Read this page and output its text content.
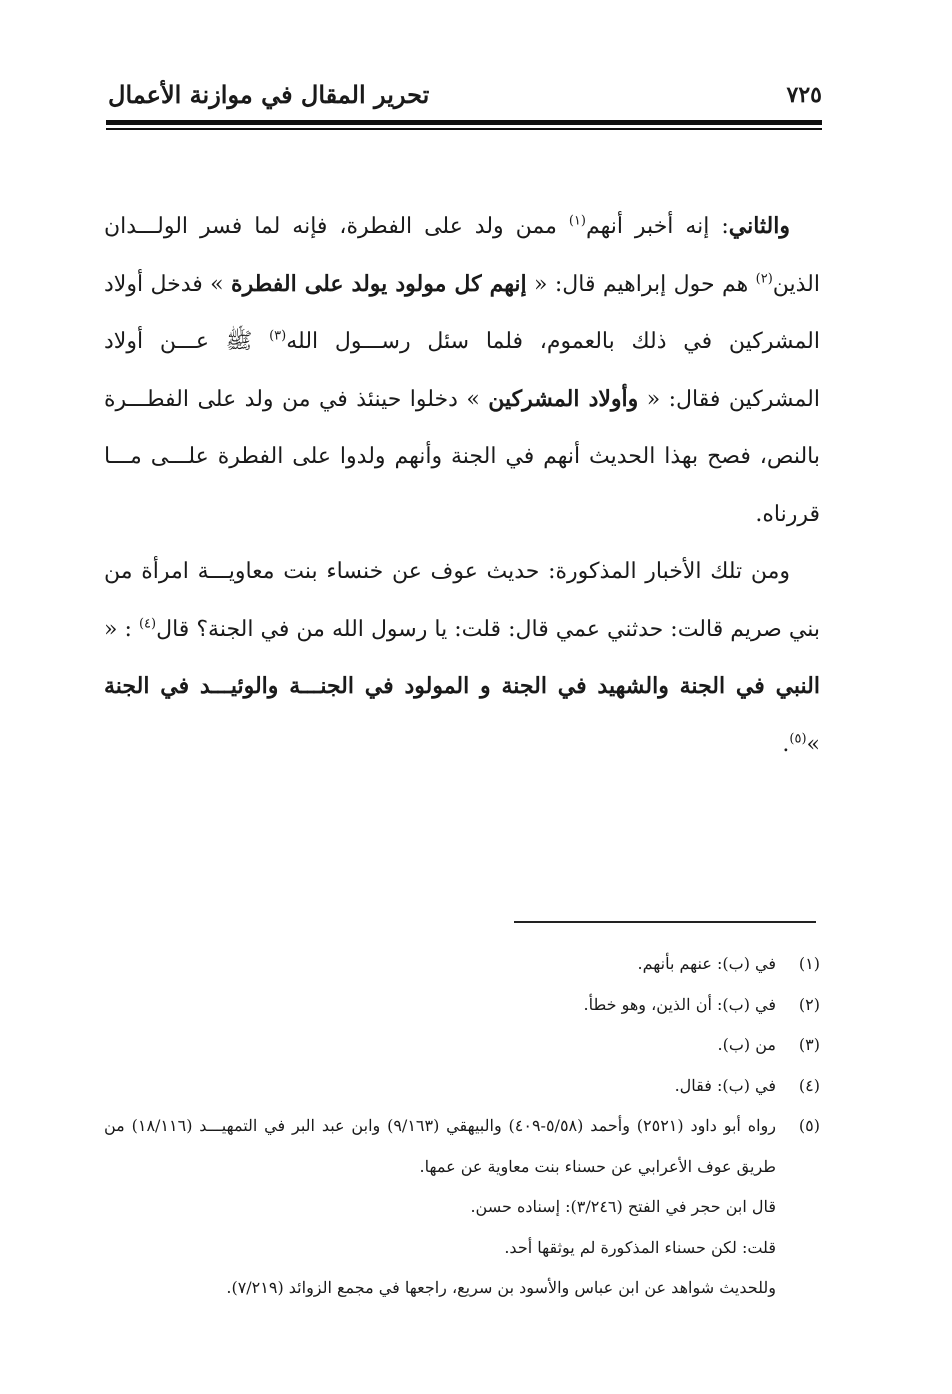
٧٢٥
تحرير المقال في موازنة الأعمال

والثاني: إنه أخبر أنهم$^{(١)}$ ممن ولد على الفطرة، فإنه لما فسر الولـــدان الذين$^{(٢)}$ هم حول إبراهيم قال: « إنهم كل مولود يولد على الفطرة » فدخل أولاد المشركين في ذلك بالعموم، فلما سئل رســـول الله$^{(٣)}$ ﷺ عـــن أولاد المشركين فقال: « وأولاد المشركين » دخلوا حينئذ في من ولد على الفطـــرة بالنص، فصح بهذا الحديث أنهم في الجنة وأنهم ولدوا على الفطرة علـــى مـــا قررناه.

ومن تلك الأخبار المذكورة: حديث عوف عن خنساء بنت معاويـــة امرأة من بني صريم قالت: حدثني عمي قال: قلت: يا رسول الله من في الجنة؟ قال$^{(٤)}$ : « النبي في الجنة والشهيد في الجنة و المولود في الجنـــة والوئيـــد في الجنة »$^{(٥)}$.

(١)
في (ب): عنهم بأنهم.
(٢)
في (ب): أن الذين، وهو خطأ.
(٣)
من (ب).
(٤)
في (ب): فقال.
(٥)
رواه أبو داود (٢٥٢١) وأحمد (٥/٥٨-٤٠٩) والبيهقي (٩/١٦٣) وابن عبد البر في التمهيـــد (١٨/١١٦) من طريق عوف الأعرابي عن حسناء بنت معاوية عن عمها.
قال ابن حجر في الفتح (٣/٢٤٦): إسناده حسن.
قلت: لكن حسناء المذكورة لم يوثقها أحد.
وللحديث شواهد عن ابن عباس والأسود بن سريع، راجعها في مجمع الزوائد (٧/٢١٩).
